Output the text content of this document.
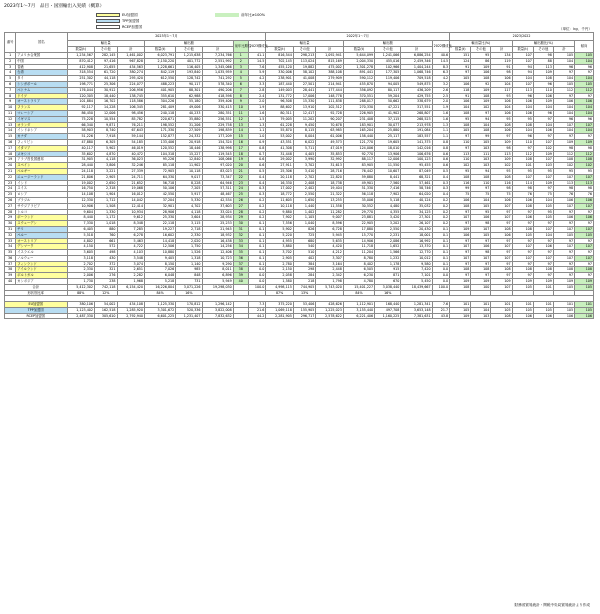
2023年1〜7月　品目・国別輸出入実績（概算）
EU加盟国
TPP加盟国
RCEP加盟国
前年比≥100%
（単位：kg、千円）
番号	国名	2023年1〜7月								2022年1〜7月							2023/2022						
		輸出量			輸出額			前年比順位	2023構成比	輸出量			輸出額			2022構成比	輸出量比(%)			輸出額比(%)			傾向
		数量(t)	その他	計	数量(t)	その他	計			数量(t)	その他	計	数量(t)	その他	計		数量(t)	その他	計	数量(t)	その他	計	
1	アメリカ合衆国	1,234,567	282,145	1,461,002	6,023,791	1,215,638	7,234,766	1	41.1	816,544	298,213	1,092,941	5,644,099	1,241,066	6,886,254	40.6	151	95	134	107	98	105	105
2	中国	870,412	97,416	967,828	2,150,220	401,772	2,551,992	2	14.5	702,145	113,024	815,169	2,004,330	455,016	2,459,346	14.5	124	86	119	107	88	104	104
3	香港	412,908	21,655	434,563	1,228,661	116,405	1,345,066	3	7.6	455,120	19,882	475,002	1,301,278	102,966	1,404,244	8.3	91	109	91	94	113	96	96
4	台湾	318,554	61,720	380,274	842,119	193,840	1,035,959	4	5.9	330,006	58,102	388,108	891,441	177,305	1,068,746	6.3	97	106	98	94	109	97	97
5	タイ	251,302	44,118	295,420	612,550	128,742	741,292	5	4.2	238,901	41,008	279,909	590,112	119,406	709,518	4.2	105	108	106	104	108	104	104
6	シンガポール	198,771	25,306	224,077	488,223	90,117	578,340	6	3.3	187,440	27,501	214,941	455,870	94,005	549,875	3.2	106	92	104	107	96	105	105
7	ベトナム	176,044	30,912	206,956	401,905	88,301	490,206	7	2.8	149,003	28,441	177,444	356,092	80,117	436,209	2.6	118	109	117	113	110	112	112
8	ドイツ	120,305	18,440	138,745	355,610	62,988	418,598	8	2.4	131,772	17,006	148,778	370,551	59,204	429,755	2.5	91	108	93	96	106	97	97
9	オーストラリア	101,884	16,702	118,586	304,226	55,180	359,406	9	2.0	96,508	15,330	111,838	288,017	50,662	338,679	2.0	106	109	106	106	109	106	106
10	フランス	92,117	14,228	106,345	281,409	49,006	330,415	10	1.9	88,602	13,910	102,512	270,330	47,221	317,551	1.9	104	102	104	104	104	104	104
11	マレーシア	86,450	12,006	98,456	240,118	40,233	280,351	11	1.6	80,311	12,417	92,728	226,905	41,902	268,807	1.6	108	97	106	106	96	104	104
12	イギリス	75,228	10,554	85,782	220,671	35,880	256,551	12	1.5	79,005	11,202	90,207	231,408	37,115	268,523	1.6	95	94	95	95	97	96	96
13	オランダ	66,340	9,871	76,211	198,552	31,206	229,758	13	1.3	61,228	9,450	70,678	183,901	30,077	213,978	1.3	108	104	108	108	104	107	107
14	インドネシア	58,903	8,740	67,643	171,330	27,509	198,839	14	1.1	55,870	8,115	63,985	165,204	25,880	191,084	1.1	105	108	106	104	106	104	104
15	カナダ	51,226	7,918	59,144	152,877	24,332	177,209	15	1.0	53,002	8,004	61,006	158,440	25,117	183,557	1.1	97	99	97	96	97	97	97
16	フィリピン	47,880	6,305	54,185	133,406	20,918	154,324	16	0.9	43,551	6,022	49,573	121,770	19,605	141,375	0.8	110	105	109	110	107	109	109
17	イタリア	40,117	5,902	46,019	120,552	18,446	138,998	17	0.8	41,308	5,711	47,019	124,006	18,010	142,016	0.8	97	103	98	97	102	98	98
18	メキシコ	35,602	4,870	40,472	104,318	15,227	119,545	18	0.7	31,448	4,405	35,853	92,770	13,906	106,676	0.6	113	111	113	112	109	112	112
19	アラブ首長国連邦	31,905	4,118	36,023	95,226	12,840	108,066	19	0.6	29,002	3,990	32,992	88,117	12,006	100,123	0.6	110	103	109	108	107	108	108
20	スペイン	28,440	3,806	32,246	85,118	11,902	97,020	20	0.6	27,911	3,702	31,613	83,905	11,550	95,455	0.6	102	103	102	101	103	102	102
21	ベルギー	24,118	3,221	27,339	72,905	10,118	83,023	21	0.5	25,306	3,410	28,716	76,442	10,607	87,049	0.5	95	94	95	95	95	95	95
22	ニュージーランド	21,806	2,905	24,711	64,330	9,017	73,347	22	0.4	20,118	2,702	22,820	59,880	8,441	68,321	0.4	108	108	108	107	107	107	107
23	インド	19,002	2,650	21,652	56,718	8,228	64,946	23	0.4	16,330	2,408	18,738	49,901	7,560	57,461	0.3	116	110	116	114	109	113	113
24	スイス	16,750	2,318	19,068	50,106	7,205	57,311	24	0.3	17,002	2,402	19,404	51,330	7,416	58,746	0.3	99	97	98	98	97	98	98
25	ロシア	14,108	1,904	16,012	42,550	5,917	48,467	25	0.3	18,772	2,550	21,322	56,118	7,902	64,020	0.4	75	75	75	76	75	76	76
26	ブラジル	12,330	1,712	14,042	37,204	5,330	42,534	26	0.2	11,605	1,650	13,255	35,006	5,118	40,124	0.2	106	104	106	106	104	106	106
27	サウジアラビア	10,906	1,508	12,414	32,901	4,702	37,603	27	0.2	10,118	1,440	11,558	30,552	4,480	35,032	0.2	108	105	107	108	105	107	107
28	トルコ	9,604	1,330	10,934	28,906	4,118	33,024	28	0.2	9,880	1,402	11,282	29,770	4,355	34,125	0.2	97	95	97	97	95	97	97
29	ポーランド	8,440	1,172	9,612	25,330	3,604	28,934	29	0.2	7,902	1,105	9,007	23,881	3,420	27,301	0.2	107	106	107	106	105	106	106
30	スウェーデン	7,330	1,018	8,348	22,118	3,115	25,233	30	0.1	7,556	1,040	8,596	22,905	3,202	26,107	0.2	97	98	97	97	97	97	97
31	チリ	6,405	880	7,285	19,227	2,718	21,945	31	0.1	5,902	826	6,728	17,880	2,550	20,430	0.1	109	107	108	108	107	107	107
32	ペルー	5,518	760	6,278	16,602	2,330	18,932	32	0.1	5,220	725	5,945	15,770	2,231	18,001	0.1	106	105	106	105	104	105	105
33	オーストリア	4,802	661	5,463	14,418	2,020	16,438	33	0.1	4,955	680	5,635	14,906	2,086	16,992	0.1	97	97	97	97	97	97	97
34	デンマーク	4,150	572	4,722	12,506	1,750	14,256	34	0.1	3,880	540	4,420	11,718	1,652	13,370	0.1	107	106	107	107	106	107	107
35	イスラエル	3,605	498	4,103	10,880	1,526	12,406	35	0.1	3,702	510	4,212	11,204	1,566	12,770	0.1	97	98	97	97	97	97	97
36	ノルウェー	3,118	430	3,548	9,405	1,318	10,723	36	0.1	2,905	402	3,307	8,780	1,232	10,012	0.1	107	107	107	107	107	107	107
37	フィンランド	2,702	372	3,074	8,150	1,140	9,290	37	0.1	2,780	384	3,164	8,402	1,178	9,580	0.1	97	97	97	97	97	97	97
38	アイルランド	2,330	321	2,651	7,026	985	8,011	38	0.0	2,150	298	2,448	6,505	915	7,420	0.0	108	108	108	108	108	108	108
39	ポルトガル	2,006	276	2,282	6,048	848	6,896	39	0.0	2,058	284	2,342	6,230	871	7,101	0.0	97	97	97	97	97	97	97
40	カンボジア	1,730	238	1,968	5,218	731	5,949	40	0.0	1,580	218	1,798	4,780	670	5,450	0.0	109	109	109	109	109	109	109
合計		5,412,302	742,118	6,154,420	16,226,804	3,071,226	19,298,030		100.0	4,998,115	744,905	5,743,020	15,401,227	3,038,440	18,439,667	100.0	108	100	107	105	101	105	105
形状別比率		88%	12%		84%	16%				87%	13%		84%	16%									

EU加盟国		380,106	54,002	434,108	1,125,330	170,812	1,296,142		7.3	375,220	53,406	428,626	1,112,901	168,440	1,281,341	7.6	101	101	101	101	101	101	101
TPP加盟国		1,123,402	162,518	1,285,920	3,301,672	520,336	3,822,008		21.6	1,069,118	155,905	1,225,023	3,155,440	497,708	3,653,148	21.7	105	104	105	105	105	105	105
RCEP加盟国		2,487,330	305,610	2,792,940	6,601,225	1,231,407	7,832,632		44.2	2,281,905	296,717	2,578,622	6,221,406	1,160,225	7,381,631	43.8	109	103	108	106	106	106	106
財務省貿易統計・関税中央局貿易統計より作成
